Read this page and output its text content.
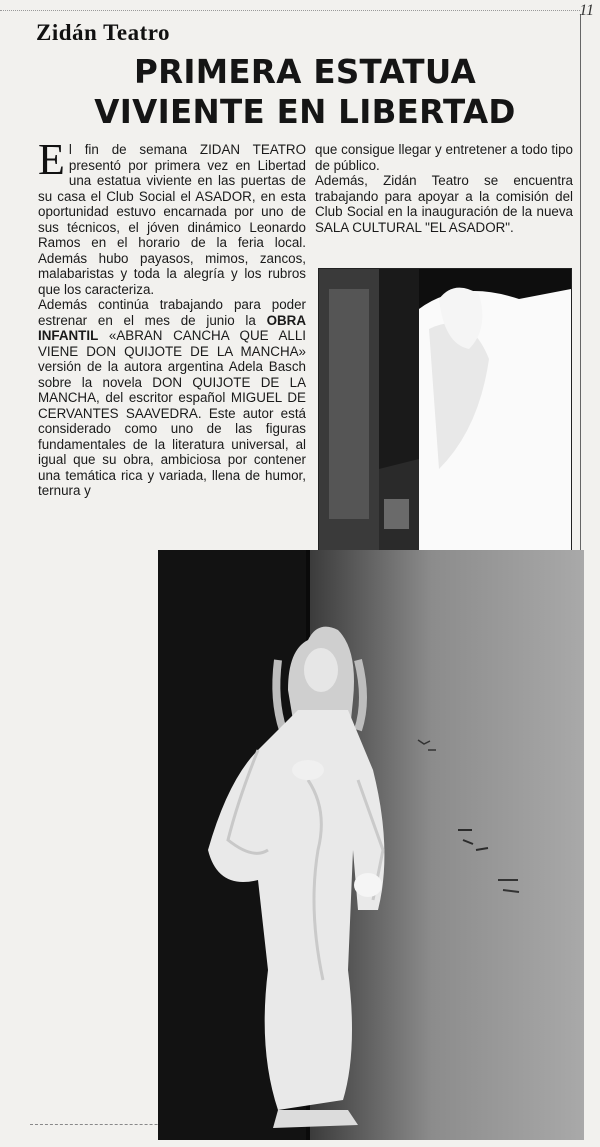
11
Zidán Teatro
PRIMERA ESTATUA
VIVIENTE EN LIBERTAD

El fin de semana ZIDAN TEATRO presentó por primera vez en Libertad una estatua viviente en las puertas de su casa el Club Social el ASADOR, en esta oportunidad estuvo encarnada por uno de sus técnicos, el jóven dinámico Leonardo Ramos en el horario de la feria local. Además hubo payasos, mimos, zancos, malabaristas y toda la alegría y los rubros que los caracteriza.

Además continúa trabajando para poder estrenar en el mes de junio la OBRA INFANTIL «ABRAN CANCHA QUE ALLI VIENE DON QUIJOTE DE LA MANCHA» versión de la autora argentina Adela Basch sobre la novela DON QUIJOTE DE LA MANCHA, del escritor español MIGUEL DE CERVANTES SAAVEDRA. Este autor está considerado como uno de las figuras fundamentales de la literatura universal, al igual que su obra, ambiciosa por contener una temática rica y variada, llena de humor, ternura y

que consigue llegar y entretener a todo tipo de público.

Además, Zidán Teatro se encuentra trabajando para apoyar a la comisión del Club Social en la inauguración de la nueva SALA CULTURAL "EL ASADOR".
